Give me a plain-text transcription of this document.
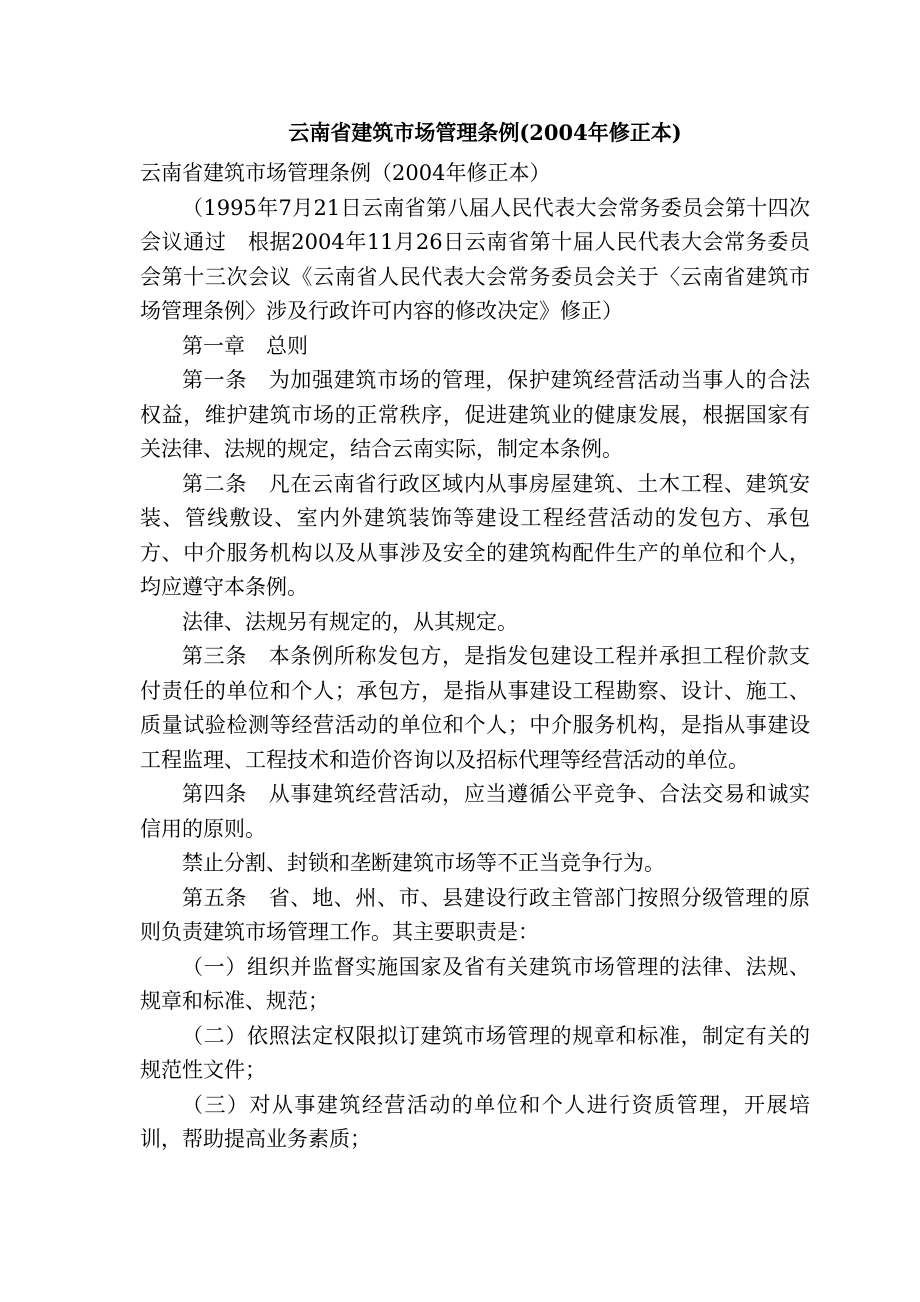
云南省建筑市场管理条例(2004年修正本)

云南省建筑市场管理条例（2004年修正本）

（1995年7月21日云南省第八届人民代表大会常务委员会第十四次会议通过　根据2004年11月26日云南省第十届人民代表大会常务委员会第十三次会议《云南省人民代表大会常务委员会关于〈云南省建筑市场管理条例〉涉及行政许可内容的修改决定》修正）

第一章　总则

第一条　为加强建筑市场的管理，保护建筑经营活动当事人的合法权益，维护建筑市场的正常秩序，促进建筑业的健康发展，根据国家有关法律、法规的规定，结合云南实际，制定本条例。

第二条　凡在云南省行政区域内从事房屋建筑、土木工程、建筑安装、管线敷设、室内外建筑装饰等建设工程经营活动的发包方、承包方、中介服务机构以及从事涉及安全的建筑构配件生产的单位和个人，均应遵守本条例。

法律、法规另有规定的，从其规定。

第三条　本条例所称发包方，是指发包建设工程并承担工程价款支付责任的单位和个人；承包方，是指从事建设工程勘察、设计、施工、质量试验检测等经营活动的单位和个人；中介服务机构，是指从事建设工程监理、工程技术和造价咨询以及招标代理等经营活动的单位。

第四条　从事建筑经营活动，应当遵循公平竞争、合法交易和诚实信用的原则。

禁止分割、封锁和垄断建筑市场等不正当竞争行为。

第五条　省、地、州、市、县建设行政主管部门按照分级管理的原则负责建筑市场管理工作。其主要职责是：

（一）组织并监督实施国家及省有关建筑市场管理的法律、法规、规章和标准、规范；

（二）依照法定权限拟订建筑市场管理的规章和标准，制定有关的规范性文件；

（三）对从事建筑经营活动的单位和个人进行资质管理，开展培训，帮助提高业务素质；
